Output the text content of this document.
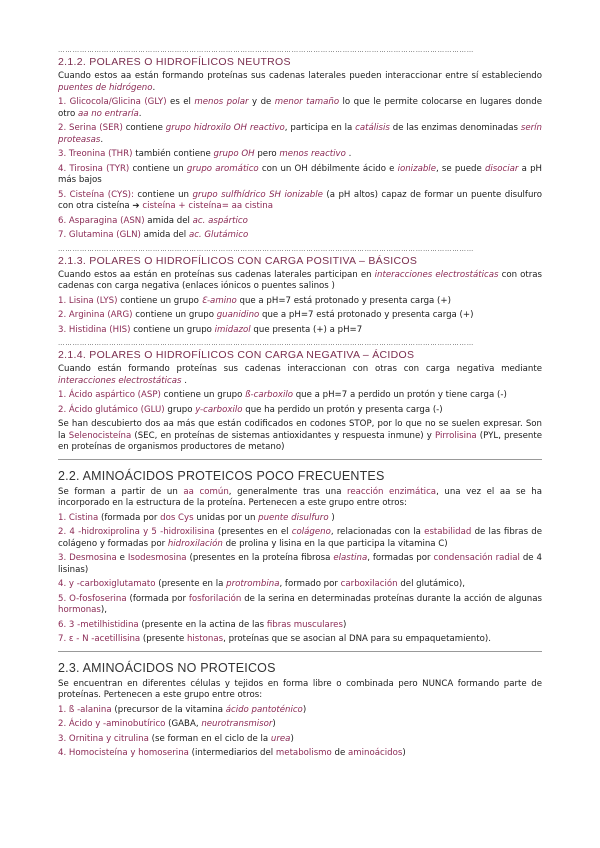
………………………………………………………………………………………………………………………………………………………
2.1.2. POLARES O HIDROFÍLICOS NEUTROS

Cuando estos aa están formando proteínas sus cadenas laterales pueden interaccionar entre sí estableciendo puentes de hidrógeno.

1. Glicocola/Glicina (GLY) es el menos polar y de menor tamaño lo que le permite colocarse en lugares donde otro aa no entraría.

2. Serina (SER) contiene grupo hidroxilo OH reactivo, participa en la catálisis de las enzimas denominadas serín proteasas.

3. Treonina (THR) también contiene grupo OH pero menos reactivo .

4. Tirosina (TYR) contiene un grupo aromático con un OH débilmente ácido e ionizable, se puede disociar a pH más bajos

5. Cisteína (CYS): contiene un grupo sulfhídrico SH ionizable (a pH altos) capaz de formar un puente disulfuro con otra cisteína ➔ cisteína + cisteína= aa cistina

6. Asparagina (ASN) amida del ac. aspártico

7. Glutamina (GLN) amida del ac. Glutámico

………………………………………………………………………………………………………………………………………………………
2.1.3. POLARES O HIDROFÍLICOS CON CARGA POSITIVA – BÁSICOS

Cuando estos aa están en proteínas sus cadenas laterales participan en interacciones electrostáticas con otras cadenas con carga negativa (enlaces iónicos o puentes salinos )

1. Lisina (LYS) contiene un grupo Ɛ-amino que a pH=7 está protonado y presenta carga (+)

2. Arginina (ARG) contiene un grupo guanidino que a pH=7 está protonado y presenta carga (+)

3. Histidina (HIS) contiene un grupo imidazol que presenta (+) a pH=7

………………………………………………………………………………………………………………………………………………………
2.1.4. POLARES O HIDROFÍLICOS CON CARGA NEGATIVA – ÁCIDOS

Cuando están formando proteínas sus cadenas interaccionan con otras con carga negativa mediante interacciones electrostáticas .

1. Ácido aspártico (ASP) contiene un grupo ß-carboxilo que a pH=7 a perdido un protón y tiene carga (-)

2. Ácido glutámico (GLU) grupo y-carboxilo que ha perdido un protón y presenta carga (-)

Se han descubierto dos aa más que están codificados en codones STOP, por lo que no se suelen expresar. Son la Selenocisteína (SEC, en proteínas de sistemas antioxidantes y respuesta inmune) y Pirrolisina (PYL, presente en proteínas de organismos productores de metano)

2.2. AMINOÁCIDOS PROTEICOS POCO FRECUENTES

Se forman a partir de un aa común, generalmente tras una reacción enzimática, una vez el aa se ha incorporado en la estructura de la proteína. Pertenecen a este grupo entre otros:

1. Cistina (formada por dos Cys unidas por un puente disulfuro )

2. 4 -hidroxiprolina y 5 -hidroxilisina (presentes en el colágeno, relacionadas con la estabilidad de las fibras de colágeno y formadas por hidroxilación de prolina y lisina en la que participa la vitamina C)

3. Desmosina e Isodesmosina (presentes en la proteína fibrosa elastina, formadas por condensación radial de 4 lisinas)

4. y -carboxiglutamato (presente en la protrombina, formado por carboxilación del glutámico),

5. O-fosfoserina (formada por fosforilación de la serina en determinadas proteínas durante la acción de algunas hormonas),

6. 3 -metilhistidina (presente en la actina de las fibras musculares)

7. ε - N -acetillisina (presente histonas, proteínas que se asocian al DNA para su empaquetamiento).

2.3. AMINOÁCIDOS NO PROTEICOS

Se encuentran en diferentes células y tejidos en forma libre o combinada pero NUNCA formando parte de proteínas. Pertenecen a este grupo entre otros:

1. ß -alanina (precursor de la vitamina ácido pantoténico)

2. Ácido y -aminobutírico (GABA, neurotransmisor)

3. Ornitina y citrulina (se forman en el ciclo de la urea)

4. Homocisteína y homoserina (intermediarios del metabolismo de aminoácidos)
